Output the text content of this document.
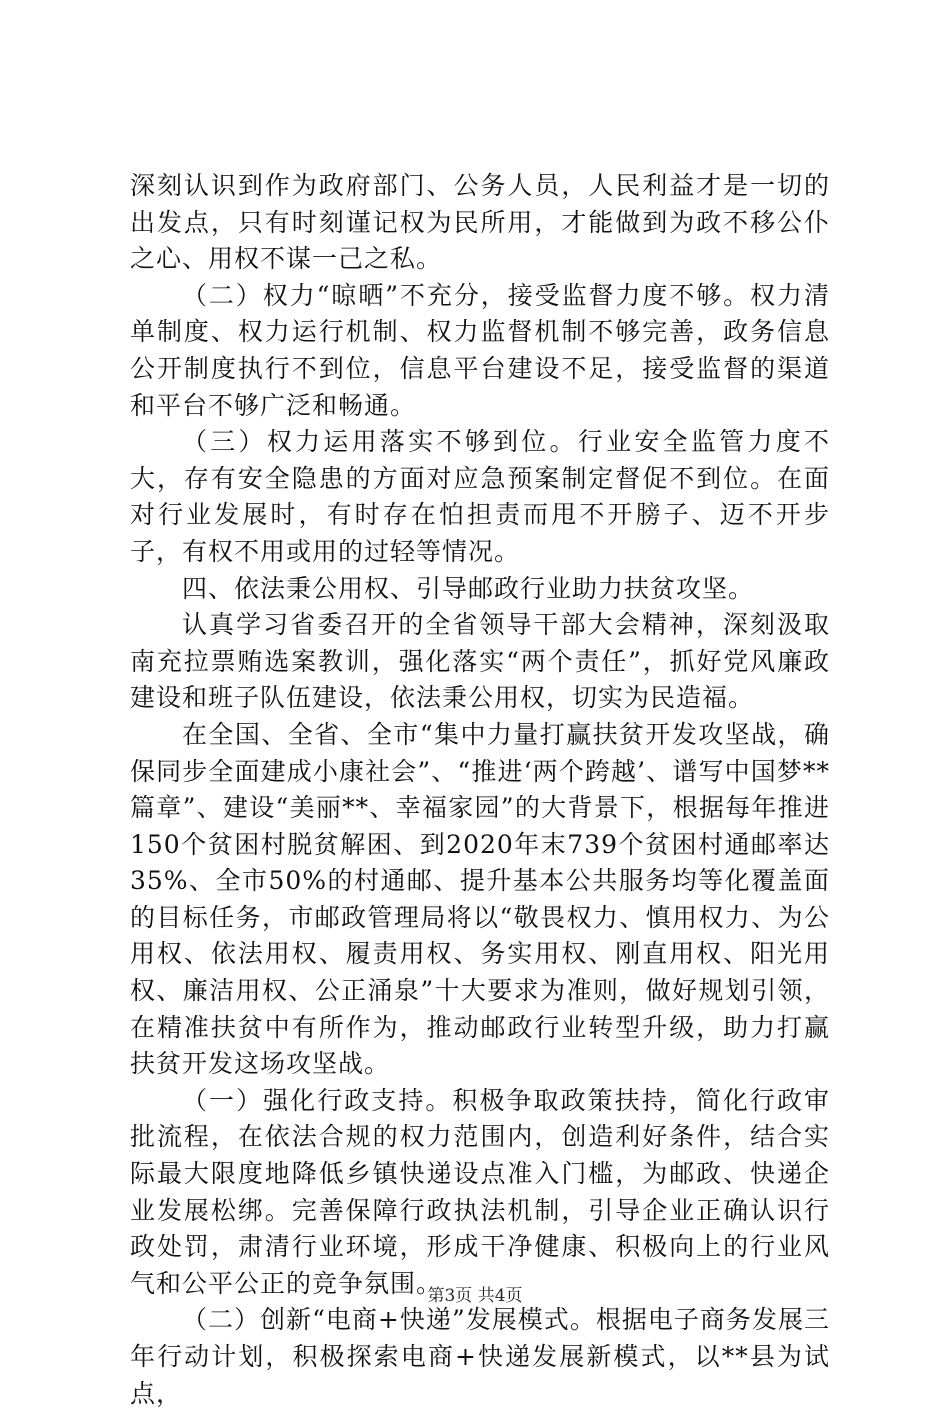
深刻认识到作为政府部门、公务人员，人民利益才是一切的出发点，只有时刻谨记权为民所用，才能做到为政不移公仆之心、用权不谋一己之私。

（二）权力“晾晒”不充分，接受监督力度不够。权力清单制度、权力运行机制、权力监督机制不够完善，政务信息公开制度执行不到位，信息平台建设不足，接受监督的渠道和平台不够广泛和畅通。

（三）权力运用落实不够到位。行业安全监管力度不大，存有安全隐患的方面对应急预案制定督促不到位。在面对行业发展时，有时存在怕担责而甩不开膀子、迈不开步子，有权不用或用的过轻等情况。

四、依法秉公用权、引导邮政行业助力扶贫攻坚。

认真学习省委召开的全省领导干部大会精神，深刻汲取南充拉票贿选案教训，强化落实“两个责任”，抓好党风廉政建设和班子队伍建设，依法秉公用权，切实为民造福。

在全国、全省、全市“集中力量打赢扶贫开发攻坚战，确保同步全面建成小康社会”、“推进‘两个跨越’、谱写中国梦**篇章”、建设“美丽**、幸福家园”的大背景下，根据每年推进150个贫困村脱贫解困、到2020年末739个贫困村通邮率达35%、全市50%的村通邮、提升基本公共服务均等化覆盖面的目标任务，市邮政管理局将以“敬畏权力、慎用权力、为公用权、依法用权、履责用权、务实用权、刚直用权、阳光用权、廉洁用权、公正涌泉”十大要求为准则，做好规划引领，在精准扶贫中有所作为，推动邮政行业转型升级，助力打赢扶贫开发这场攻坚战。

（一）强化行政支持。积极争取政策扶持，简化行政审批流程，在依法合规的权力范围内，创造利好条件，结合实际最大限度地降低乡镇快递设点准入门槛，为邮政、快递企业发展松绑。完善保障行政执法机制，引导企业正确认识行政处罚，肃清行业环境，形成干净健康、积极向上的行业风气和公平公正的竞争氛围。

（二）创新“电商+快递”发展模式。根据电子商务发展三年行动计划，积极探索电商+快递发展新模式，以**县为试点，

第3页 共4页
